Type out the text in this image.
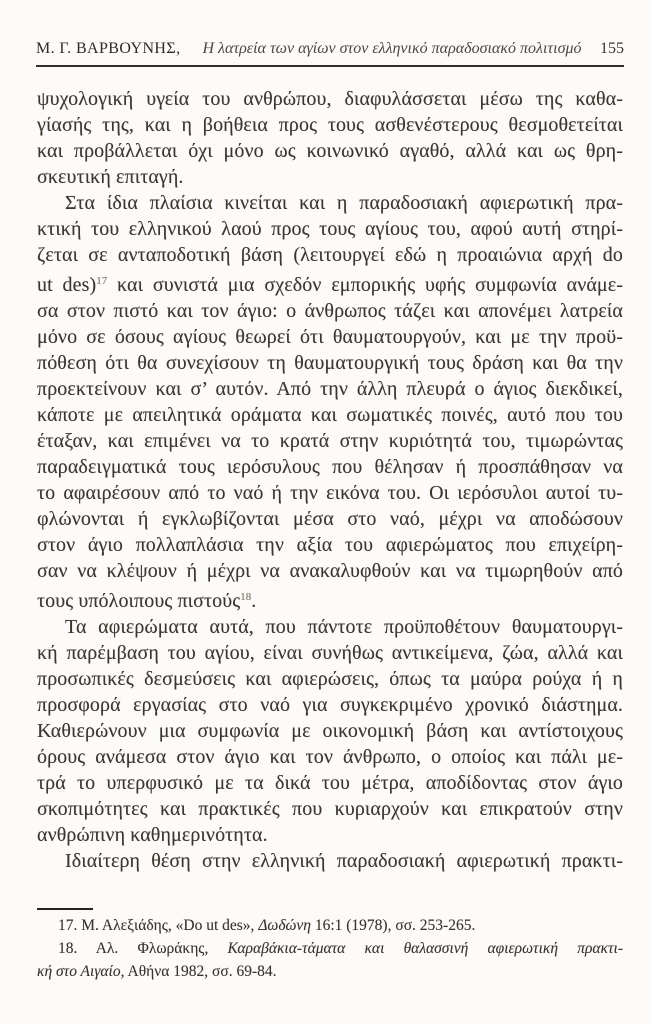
Μ. Γ. ΒΑΡΒΟΥΝΗΣ, Η λατρεία των αγίων στον ελληνικό παραδοσιακό πολιτισμό	155
ψυχολογική υγεία του ανθρώπου, διαφυλάσσεται μέσω της καθα-
γίασής της, και η βοήθεια προς τους ασθενέστερους θεσμοθετείται
και προβάλλεται όχι μόνο ως κοινωνικό αγαθό, αλλά και ως θρη-
σκευτική επιταγή.
Στα ίδια πλαίσια κινείται και η παραδοσιακή αφιερωτική πρα-
κτική του ελληνικού λαού προς τους αγίους του, αφού αυτή στηρί-
ζεται σε ανταποδοτική βάση (λειτουργεί εδώ η προαιώνια αρχή do
ut des)$^{17}$ και συνιστά μια σχεδόν εμπορικής υφής συμφωνία ανάμε-
σα στον πιστό και τον άγιο: ο άνθρωπος τάζει και απονέμει λατρεία
μόνο σε όσους αγίους θεωρεί ότι θαυματουργούν, και με την προϋ-
πόθεση ότι θα συνεχίσουν τη θαυματουργική τους δράση και θα την
προεκτείνουν και σ’ αυτόν. Από την άλλη πλευρά ο άγιος διεκδικεί,
κάποτε με απειλητικά οράματα και σωματικές ποινές, αυτό που του
έταξαν, και επιμένει να το κρατά στην κυριότητά του, τιμωρώντας
παραδειγματικά τους ιερόσυλους που θέλησαν ή προσπάθησαν να
το αφαιρέσουν από το ναό ή την εικόνα του. Οι ιερόσυλοι αυτοί τυ-
φλώνονται ή εγκλωβίζονται μέσα στο ναό, μέχρι να αποδώσουν
στον άγιο πολλαπλάσια την αξία του αφιερώματος που επιχείρη-
σαν να κλέψουν ή μέχρι να ανακαλυφθούν και να τιμωρηθούν από
τους υπόλοιπους πιστούς$^{18}$.
Τα αφιερώματα αυτά, που πάντοτε προϋποθέτουν θαυματουργι-
κή παρέμβαση του αγίου, είναι συνήθως αντικείμενα, ζώα, αλλά και
προσωπικές δεσμεύσεις και αφιερώσεις, όπως τα μαύρα ρούχα ή η
προσφορά εργασίας στο ναό για συγκεκριμένο χρονικό διάστημα.
Καθιερώνουν μια συμφωνία με οικονομική βάση και αντίστοιχους
όρους ανάμεσα στον άγιο και τον άνθρωπο, ο οποίος και πάλι με-
τρά το υπερφυσικό με τα δικά του μέτρα, αποδίδοντας στον άγιο
σκοπιμότητες και πρακτικές που κυριαρχούν και επικρατούν στην
ανθρώπινη καθημερινότητα.
Ιδιαίτερη θέση στην ελληνική παραδοσιακή αφιερωτική πρακτι-
17. Μ. Αλεξιάδης, «Do ut des», Δωδώνη 16:1 (1978), σσ. 253-265.
18. Αλ. Φλωράκης, Καραβάκια-τάματα και θαλασσινή αφιερωτική πρακτι-
κή στο Αιγαίο, Αθήνα 1982, σσ. 69-84.
